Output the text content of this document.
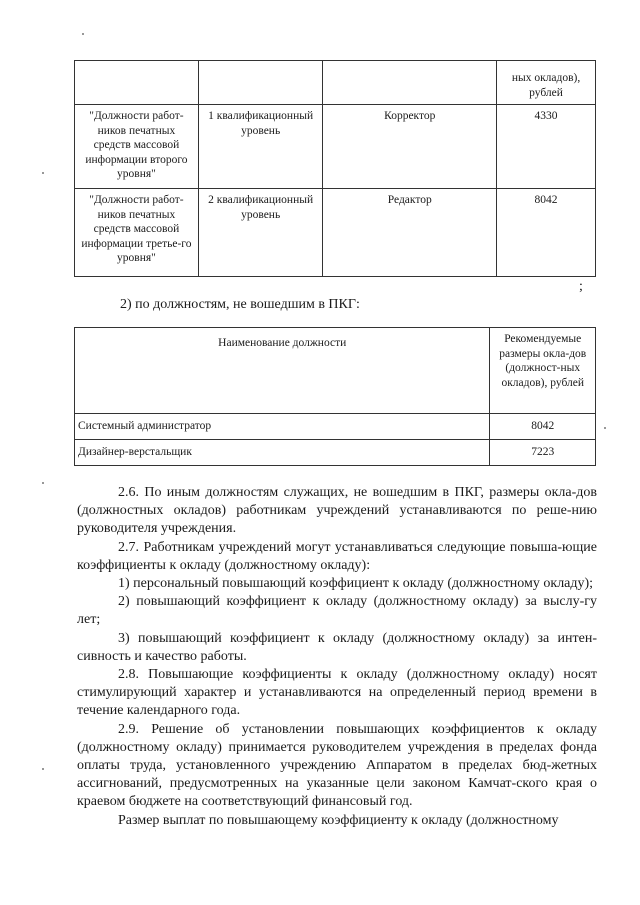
			ных окладов), рублей
"Должности работ-ников печатных средств массовой информации второго уровня"	1 квалификационный уровень	Корректор	4330
"Должности работ-ников печатных средств массовой информации третье-го уровня"	2 квалификационный уровень	Редактор	8042
;
2) по должностям, не вошедшим в ПКГ:
Наименование должности	Рекомендуемые размеры окла-дов (должност-ных окладов), рублей
Системный администратор	8042
Дизайнер-верстальщик	7223

2.6. По иным должностям служащих, не вошедшим в ПКГ, размеры окла-дов (должностных окладов) работникам учреждений устанавливаются по реше-нию руководителя учреждения.

2.7. Работникам учреждений могут устанавливаться следующие повыша-ющие коэффициенты к окладу (должностному окладу):

1) персональный повышающий коэффициент к окладу (должностному окладу);

2) повышающий коэффициент к окладу (должностному окладу) за выслу-гу лет;

3) повышающий коэффициент к окладу (должностному окладу) за интен-сивность и качество работы.

2.8. Повышающие коэффициенты к окладу (должностному окладу) носят стимулирующий характер и устанавливаются на определенный период времени в течение календарного года.

2.9. Решение об установлении повышающих коэффициентов к окладу (должностному окладу) принимается руководителем учреждения в пределах фонда оплаты труда, установленного учреждению Аппаратом в пределах бюд-жетных ассигнований, предусмотренных на указанные цели законом Камчат-ского края о краевом бюджете на соответствующий финансовый год.

Размер выплат по повышающему коэффициенту к окладу (должностному
